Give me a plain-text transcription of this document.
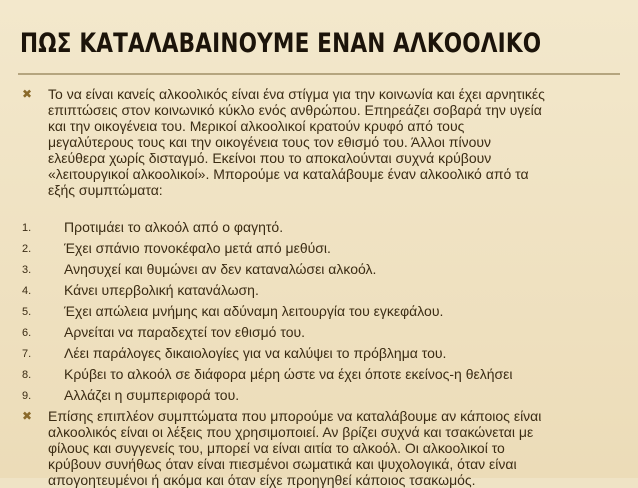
ΠΩΣ ΚΑΤΑΛΑΒΑΙΝΟΥΜΕ ΕΝΑΝ ΑΛΚΟΟΛΙΚΟ
✖ Το να είναι κανείς αλκοολικός είναι ένα στίγμα για την κοινωνία και έχει αρνητικές
επιπτώσεις στον κοινωνικό κύκλο ενός ανθρώπου. Επηρεάζει σοβαρά την υγεία
και την οικογένεια του. Μερικοί αλκοολικοί κρατούν κρυφό από τους
μεγαλύτερους τους και την οικογένεια τους τον εθισμό του. Άλλοι πίνουν
ελεύθερα χωρίς δισταγμό. Εκείνοι που το αποκαλούνται συχνά κρύβουν
«λειτουργικοί αλκοολικοί». Μπορούμε να καταλάβουμε έναν αλκοολικό από τα
εξής συμπτώματα:
1. Προτιμάει το αλκοόλ από ο φαγητό.
2. Έχει σπάνιο πονοκέφαλο μετά από μεθύσι.
3. Ανησυχεί και θυμώνει αν δεν καταναλώσει αλκοόλ.
4. Κάνει υπερβολική κατανάλωση.
5. Έχει απώλεια μνήμης και αδύναμη λειτουργία του εγκεφάλου.
6. Αρνείται να παραδεχτεί τον εθισμό του.
7. Λέει παράλογες δικαιολογίες για να καλύψει το πρόβλημα του.
8. Κρύβει το αλκοόλ σε διάφορα μέρη ώστε να έχει όποτε εκείνος-η θελήσει
9. Αλλάζει η συμπεριφορά του.
✖ Επίσης επιπλέον συμπτώματα που μπορούμε να καταλάβουμε αν κάποιος είναι
αλκοολικός είναι οι λέξεις που χρησιμοποιεί. Αν βρίζει συχνά και τσακώνεται με
φίλους και συγγενείς του, μπορεί να είναι αιτία το αλκοόλ. Οι αλκοολικοί το
κρύβουν συνήθως όταν είναι πιεσμένοι σωματικά και ψυχολογικά, όταν είναι
απογοητευμένοι ή ακόμα και όταν είχε προηγηθεί κάποιος τσακωμός.
